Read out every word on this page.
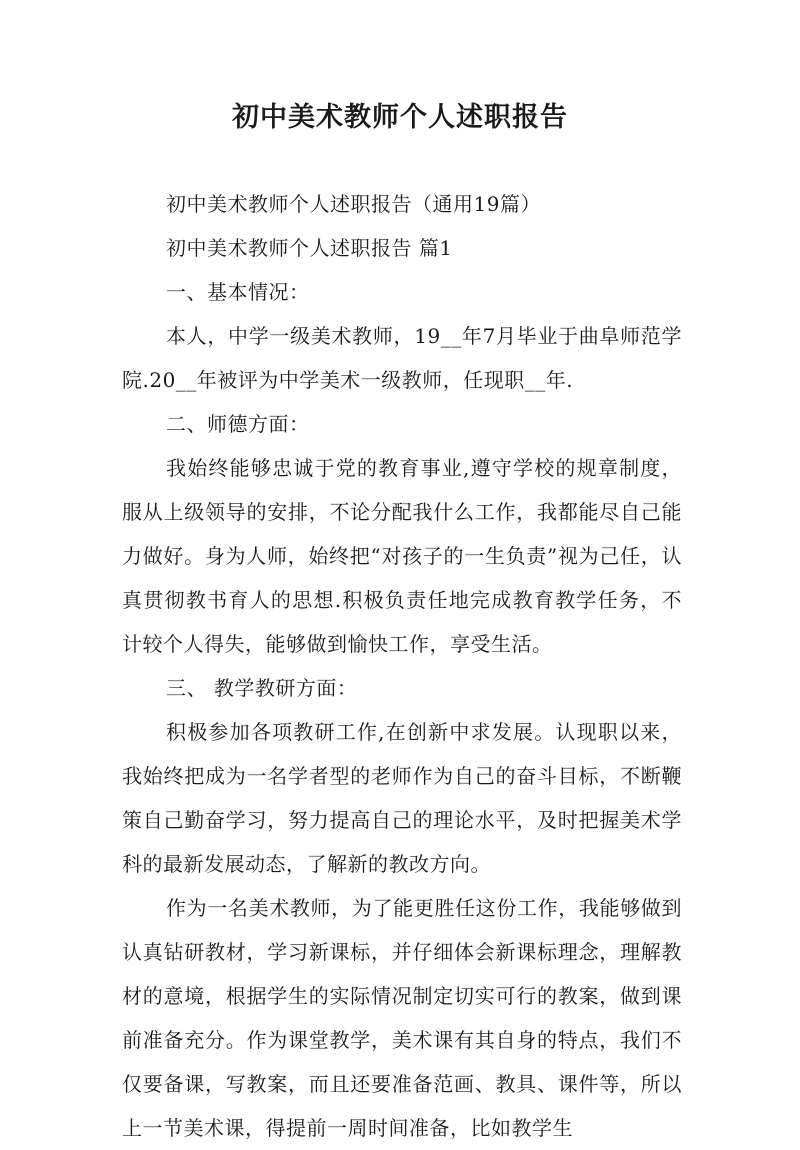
初中美术教师个人述职报告

初中美术教师个人述职报告（通用19篇）

初中美术教师个人述职报告 篇1

一、基本情况：

本人，中学一级美术教师，19__年7月毕业于曲阜师范学院.20__年被评为中学美术一级教师，任现职__年.

二、师德方面：

我始终能够忠诚于党的教育事业,遵守学校的规章制度，服从上级领导的安排，不论分配我什么工作，我都能尽自己能力做好。身为人师，始终把“对孩子的一生负责”视为己任，认真贯彻教书育人的思想.积极负责任地完成教育教学任务，不计较个人得失，能够做到愉快工作，享受生活。

三、 教学教研方面：

积极参加各项教研工作,在创新中求发展。认现职以来，我始终把成为一名学者型的老师作为自己的奋斗目标，不断鞭策自己勤奋学习，努力提高自己的理论水平，及时把握美术学科的最新发展动态，了解新的教改方向。

作为一名美术教师，为了能更胜任这份工作，我能够做到认真钻研教材，学习新课标，并仔细体会新课标理念，理解教材的意境，根据学生的实际情况制定切实可行的教案，做到课前准备充分。作为课堂教学，美术课有其自身的特点，我们不仅要备课，写教案，而且还要准备范画、教具、课件等，所以上一节美术课，得提前一周时间准备，比如教学生
